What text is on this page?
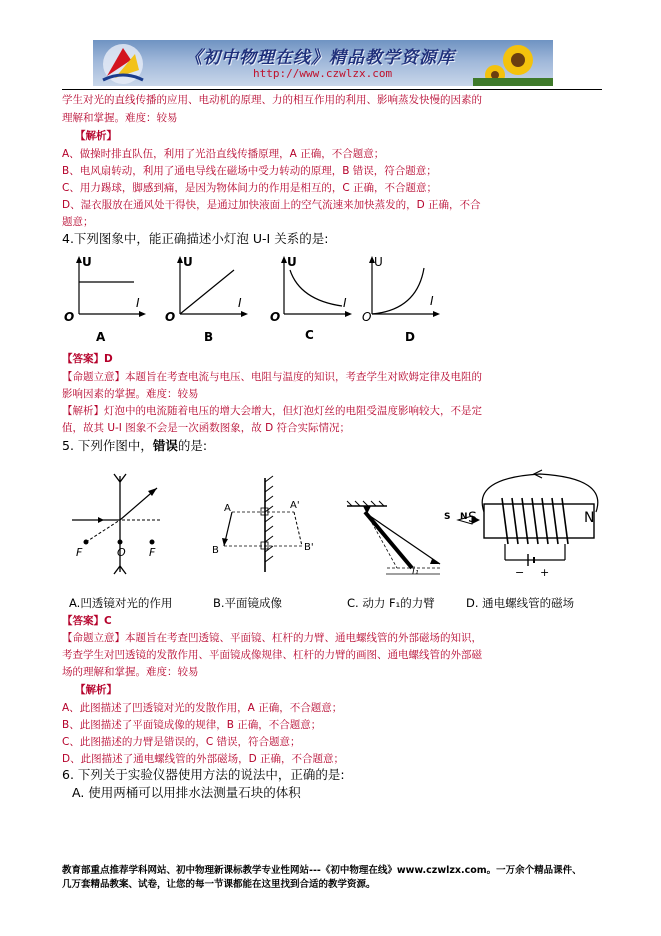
《初中物理在线》精品教学资源库
http://www.czwlzx.com
学生对光的直线传播的应用、电动机的原理、力的相互作用的利用、影响蒸发快慢的因素的
理解和掌握。难度：较易
【解析】
A、做操时排直队伍，利用了光沿直线传播原理，A 正确，不合题意；
B、电风扇转动，利用了通电导线在磁场中受力转动的原理，B 错误，符合题意；
C、用力踢球，脚感到痛，是因为物体间力的作用是相互的，C 正确，不合题意；
D、湿衣服放在通风处干得快，是通过加快液面上的空气流速来加快蒸发的，D 正确，不合
题意；
4.下列图象中，能正确描述小灯泡 U-I 关系的是:
U
I
O
A
U
I
O
B
U
I
O
C
U
I
O
D
【答案】D
【命题立意】本题旨在考查电流与电压、电阻与温度的知识，考查学生对欧姆定律及电阻的
影响因素的掌握。难度：较易
【解析】灯泡中的电流随着电压的增大会增大，但灯泡灯丝的电阻受温度影响较大，不是定
值，故其 U-I 图象不会是一次函数图象，故 D 符合实际情况；
5. 下列作图中，错误的是:
F	O F
A	A'
B	B'
l₁
S N S	N
− +
A.凹透镜对光的作用	B.平面镜成像	C. 动力 F₁的力臂	D. 通电螺线管的磁场
【答案】C
【命题立意】本题旨在考查凹透镜、平面镜、杠杆的力臂、通电螺线管的外部磁场的知识，
考查学生对凹透镜的发散作用、平面镜成像规律、杠杆的力臂的画图、通电螺线管的外部磁
场的理解和掌握。难度：较易
【解析】
A、此图描述了凹透镜对光的发散作用，A 正确，不合题意；
B、此图描述了平面镜成像的规律，B 正确，不合题意；
C、此图描述的力臂是错误的，C 错误，符合题意；
D、此图描述了通电螺线管的外部磁场，D 正确，不合题意；
6. 下列关于实验仪器使用方法的说法中，正确的是:
A. 使用两桶可以用排水法测量石块的体积
教育部重点推荐学科网站、初中物理新课标教学专业性网站---《初中物理在线》www.czwlzx.com。一万余个精品课件、
几万套精品教案、试卷，让您的每一节课都能在这里找到合适的教学资源。
